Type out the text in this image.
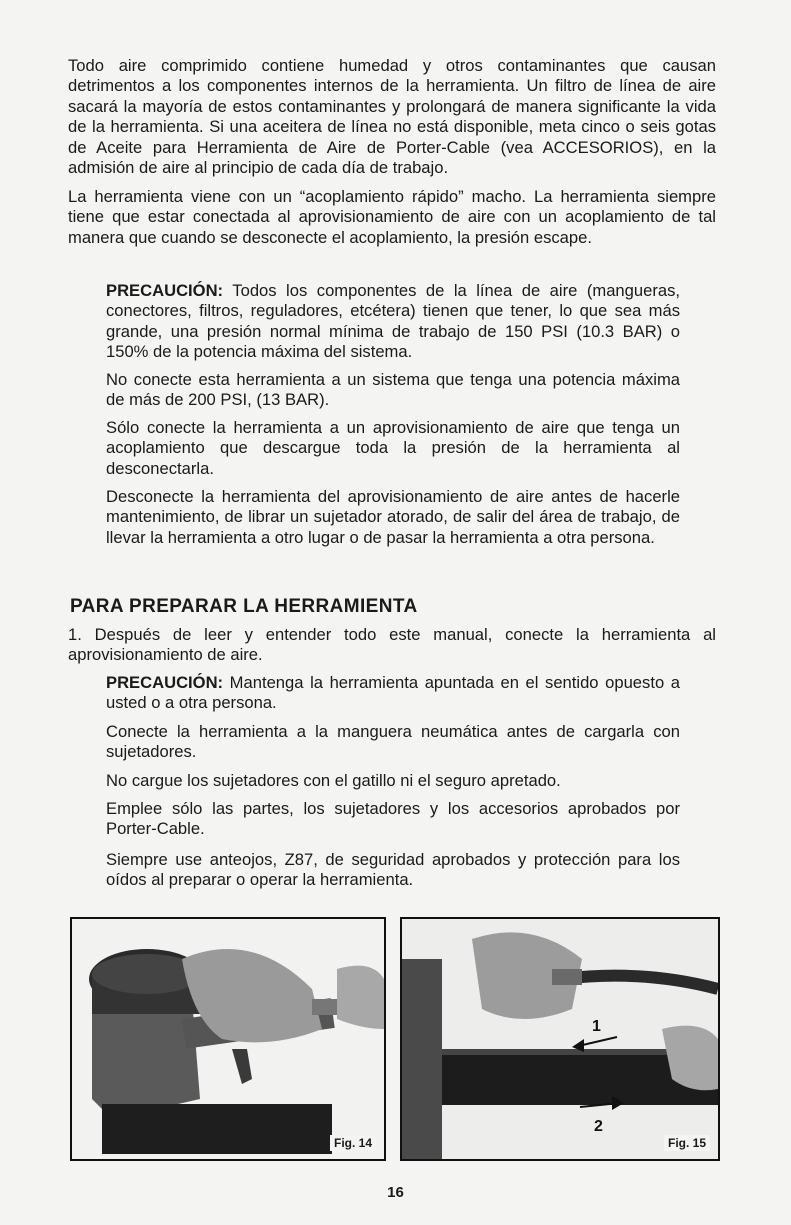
Todo aire comprimido contiene humedad y otros contaminantes que causan detrimentos a los componentes internos de la herramienta. Un filtro de línea de aire sacará la mayoría de estos contaminantes y prolongará de manera significante la vida de la herramienta. Si una aceitera de línea no está disponible, meta cinco o seis gotas de Aceite para Herramienta de Aire de Porter-Cable (vea ACCESORIOS), en la admisión de aire al principio de cada día de trabajo.
La herramienta viene con un “acoplamiento rápido” macho. La herramienta siempre tiene que estar conectada al aprovisionamiento de aire con un acoplamiento de tal manera que cuando se desconecte el acoplamiento, la presión escape.
PRECAUCIÓN: Todos los componentes de la línea de aire (mangueras, conectores, filtros, reguladores, etcétera) tienen que tener, lo que sea más grande, una presión normal mínima de trabajo de 150 PSI (10.3 BAR) o 150% de la potencia máxima del sistema.
No conecte esta herramienta a un sistema que tenga una potencia máxima de más de 200 PSI, (13 BAR).
Sólo conecte la herramienta a un aprovisionamiento de aire que tenga un acoplamiento que descargue toda la presión de la herramienta al desconectarla.
Desconecte la herramienta del aprovisionamiento de aire antes de hacerle mantenimiento, de librar un sujetador atorado, de salir del área de trabajo, de llevar la herramienta a otro lugar o de pasar la herramienta a otra persona.
PARA PREPARAR LA HERRAMIENTA
1. Después de leer y entender todo este manual, conecte la herramienta al aprovisionamiento de aire.
PRECAUCIÓN: Mantenga la herramienta apuntada en el sentido opuesto a usted o a otra persona.
Conecte la herramienta a la manguera neumática antes de cargarla con sujetadores.
No cargue los sujetadores con el gatillo ni el seguro apretado.
Emplee sólo las partes, los sujetadores y los accesorios aprobados por Porter-Cable.
Siempre use anteojos, Z87, de seguridad aprobados y protección para los oídos al preparar o operar la herramienta.
Fig. 14
1
2
Fig. 15
16
